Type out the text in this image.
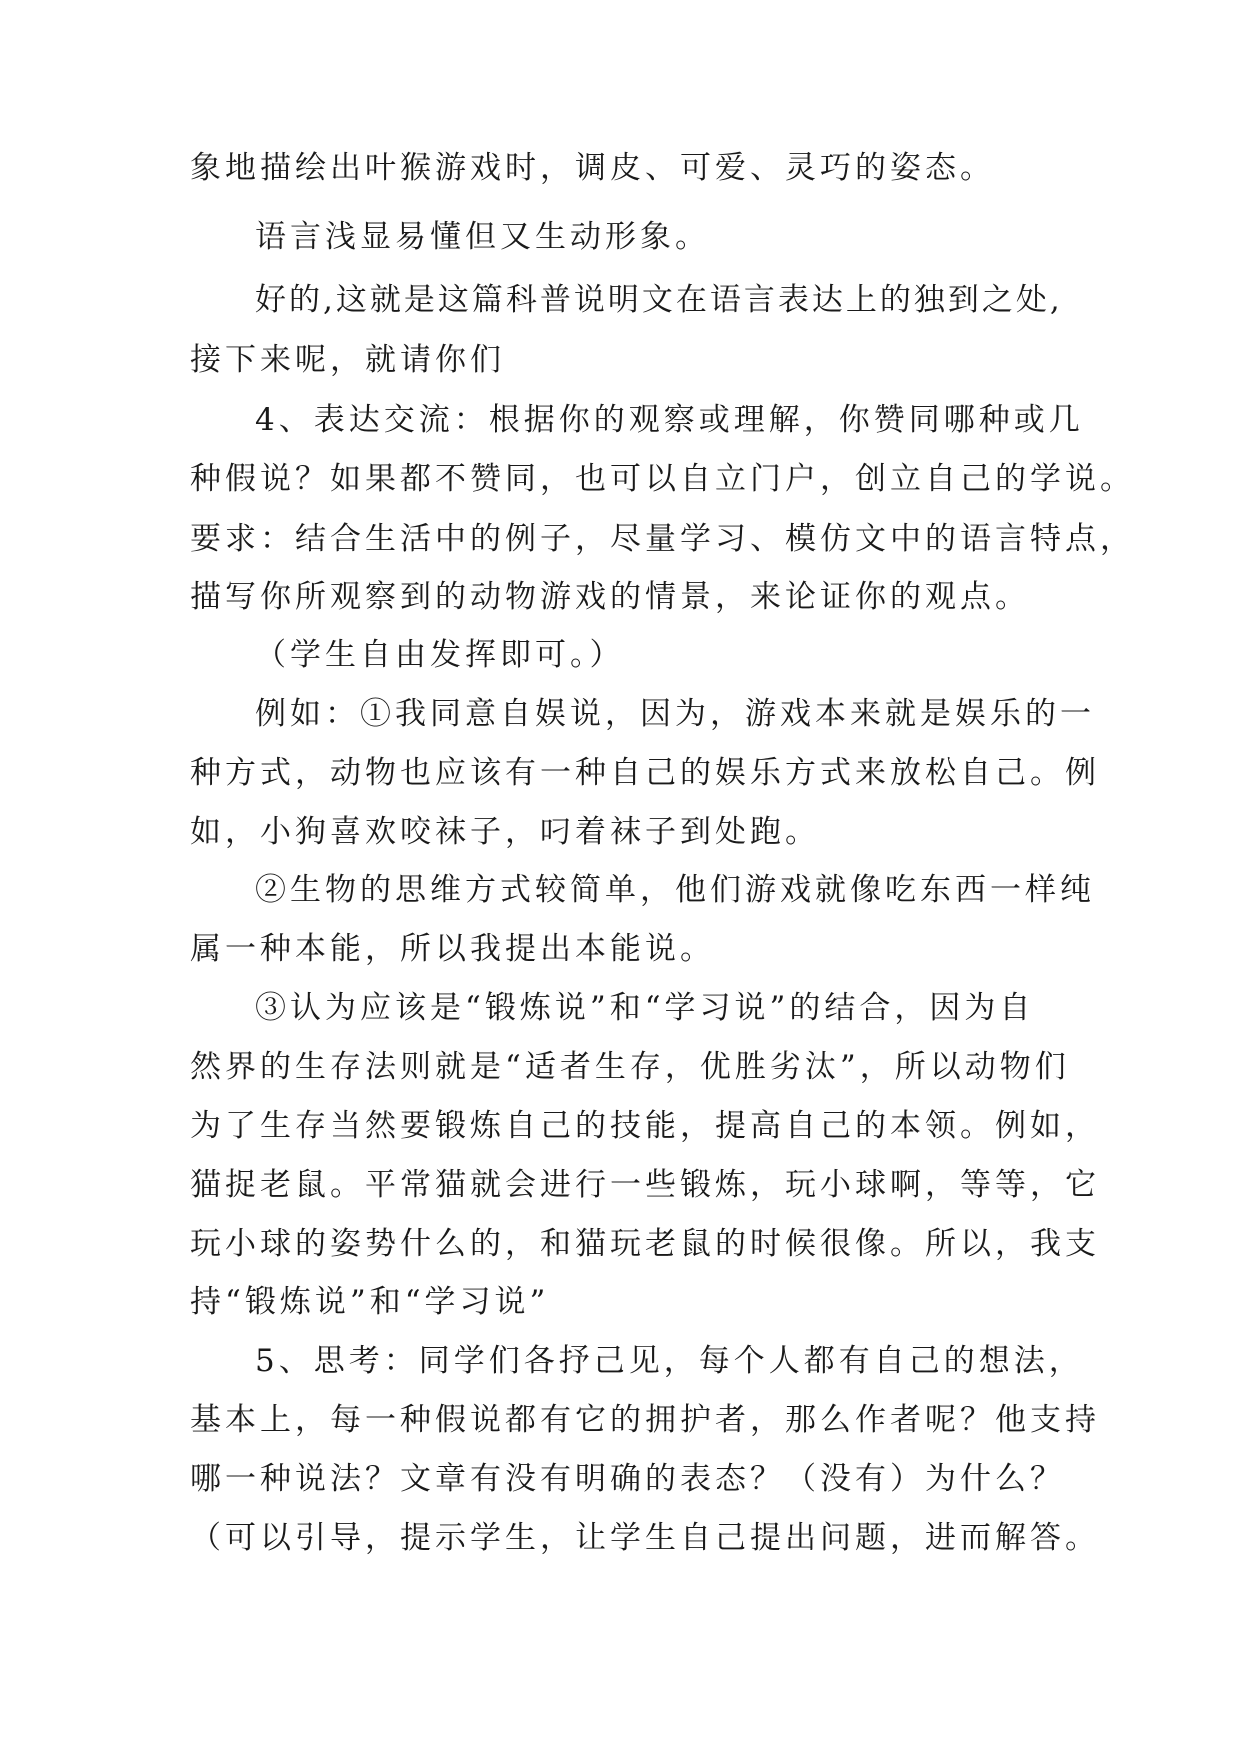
象地描绘出叶猴游戏时，调皮、可爱、灵巧的姿态。
语言浅显易懂但又生动形象。
好的,这就是这篇科普说明文在语言表达上的独到之处,
接下来呢，就请你们
4、表达交流：根据你的观察或理解，你赞同哪种或几
种假说？如果都不赞同，也可以自立门户，创立自己的学说。
要求：结合生活中的例子，尽量学习、模仿文中的语言特点，
描写你所观察到的动物游戏的情景，来论证你的观点。
（学生自由发挥即可。）
例如：①我同意自娱说，因为，游戏本来就是娱乐的一
种方式，动物也应该有一种自己的娱乐方式来放松自己。例
如，小狗喜欢咬袜子，叼着袜子到处跑。
②生物的思维方式较简单，他们游戏就像吃东西一样纯
属一种本能，所以我提出本能说。
③认为应该是“锻炼说”和“学习说”的结合，因为自
然界的生存法则就是“适者生存，优胜劣汰”，所以动物们
为了生存当然要锻炼自己的技能，提高自己的本领。例如，
猫捉老鼠。平常猫就会进行一些锻炼，玩小球啊，等等，它
玩小球的姿势什么的，和猫玩老鼠的时候很像。所以，我支
持“锻炼说”和“学习说”
5、思考：同学们各抒己见，每个人都有自己的想法，
基本上，每一种假说都有它的拥护者，那么作者呢？他支持
哪一种说法？文章有没有明确的表态？（没有）为什么？
（可以引导，提示学生，让学生自己提出问题，进而解答。
